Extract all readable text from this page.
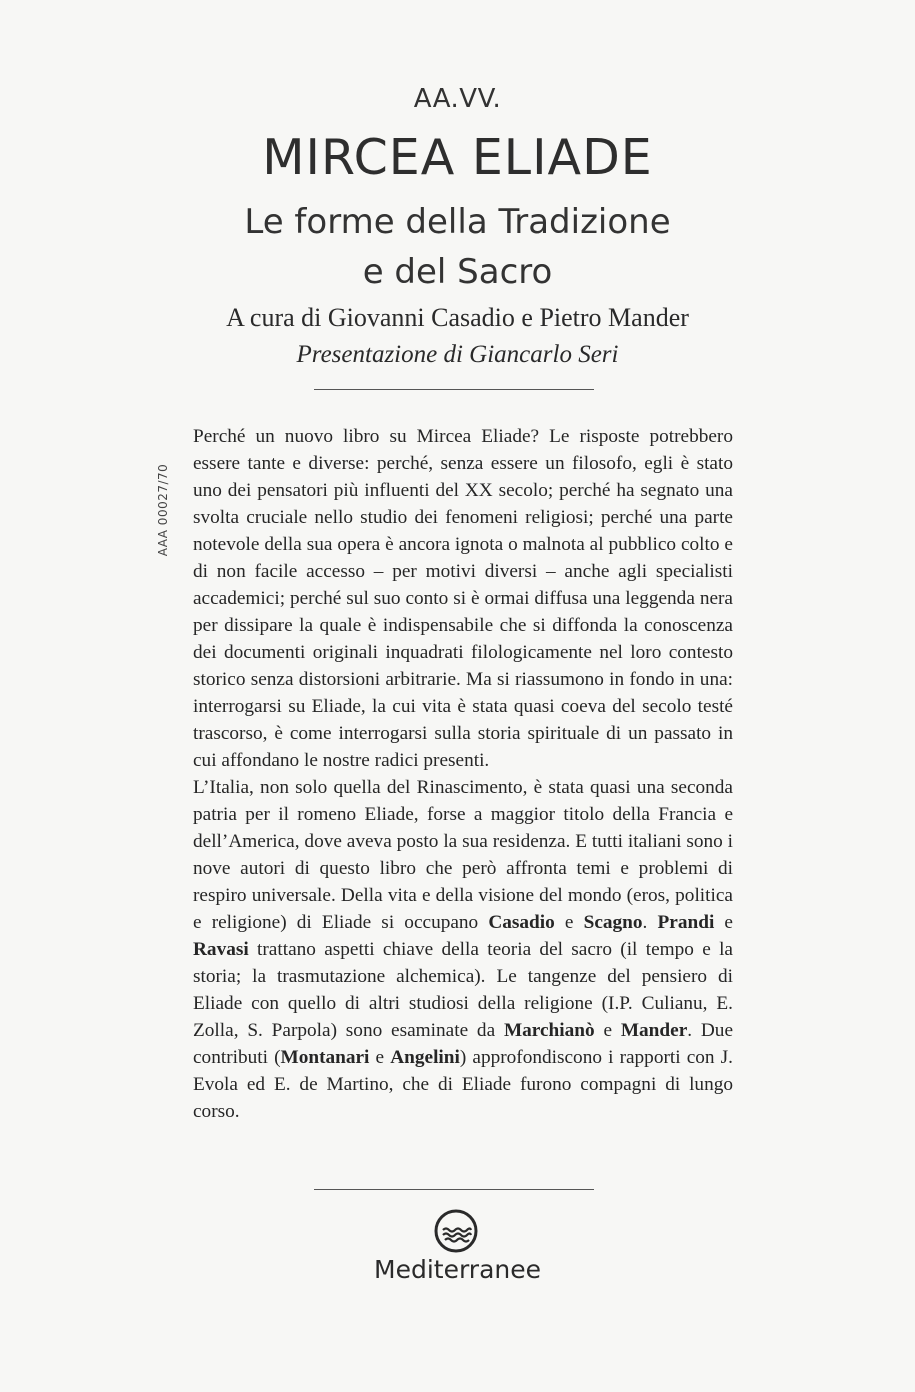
AA.VV.
MIRCEA ELIADE
Le forme della Tradizione
e del Sacro
A cura di Giovanni Casadio e Pietro Mander
Presentazione di Giancarlo Seri
AAA 00027/70

Perché un nuovo libro su Mircea Eliade? Le risposte potrebbero essere tante e diverse: perché, senza essere un filosofo, egli è stato uno dei pensatori più influenti del XX secolo; perché ha segnato una svolta cruciale nello studio dei fenomeni religiosi; perché una parte notevole della sua opera è ancora ignota o malnota al pubblico colto e di non facile accesso – per motivi diversi – anche agli specialisti accademici; perché sul suo conto si è ormai diffusa una leggenda nera per dissipare la quale è indispensabile che si diffonda la conoscenza dei documenti originali inquadrati filologicamente nel loro contesto storico senza distorsioni arbitrarie. Ma si riassumono in fondo in una: interrogarsi su Eliade, la cui vita è stata quasi coeva del secolo testé trascorso, è come interrogarsi sulla storia spirituale di un passato in cui affondano le nostre radici presenti.

L’Italia, non solo quella del Rinascimento, è stata quasi una seconda patria per il romeno Eliade, forse a maggior titolo della Francia e dell’America, dove aveva posto la sua residenza. E tutti italiani sono i nove autori di questo libro che però affronta temi e problemi di respiro universale. Della vita e della visione del mondo (eros, politica e religione) di Eliade si occupano Casadio e Scagno. Prandi e Ravasi trattano aspetti chiave della teoria del sacro (il tempo e la storia; la trasmutazione alchemica). Le tangenze del pensiero di Eliade con quello di altri studiosi della religione (I.P. Culianu, E. Zolla, S. Parpola) sono esaminate da Marchianò e Mander. Due contributi (Montanari e Angelini) approfondiscono i rapporti con J. Evola ed E. de Martino, che di Eliade furono compagni di lungo corso.

Mediterranee
